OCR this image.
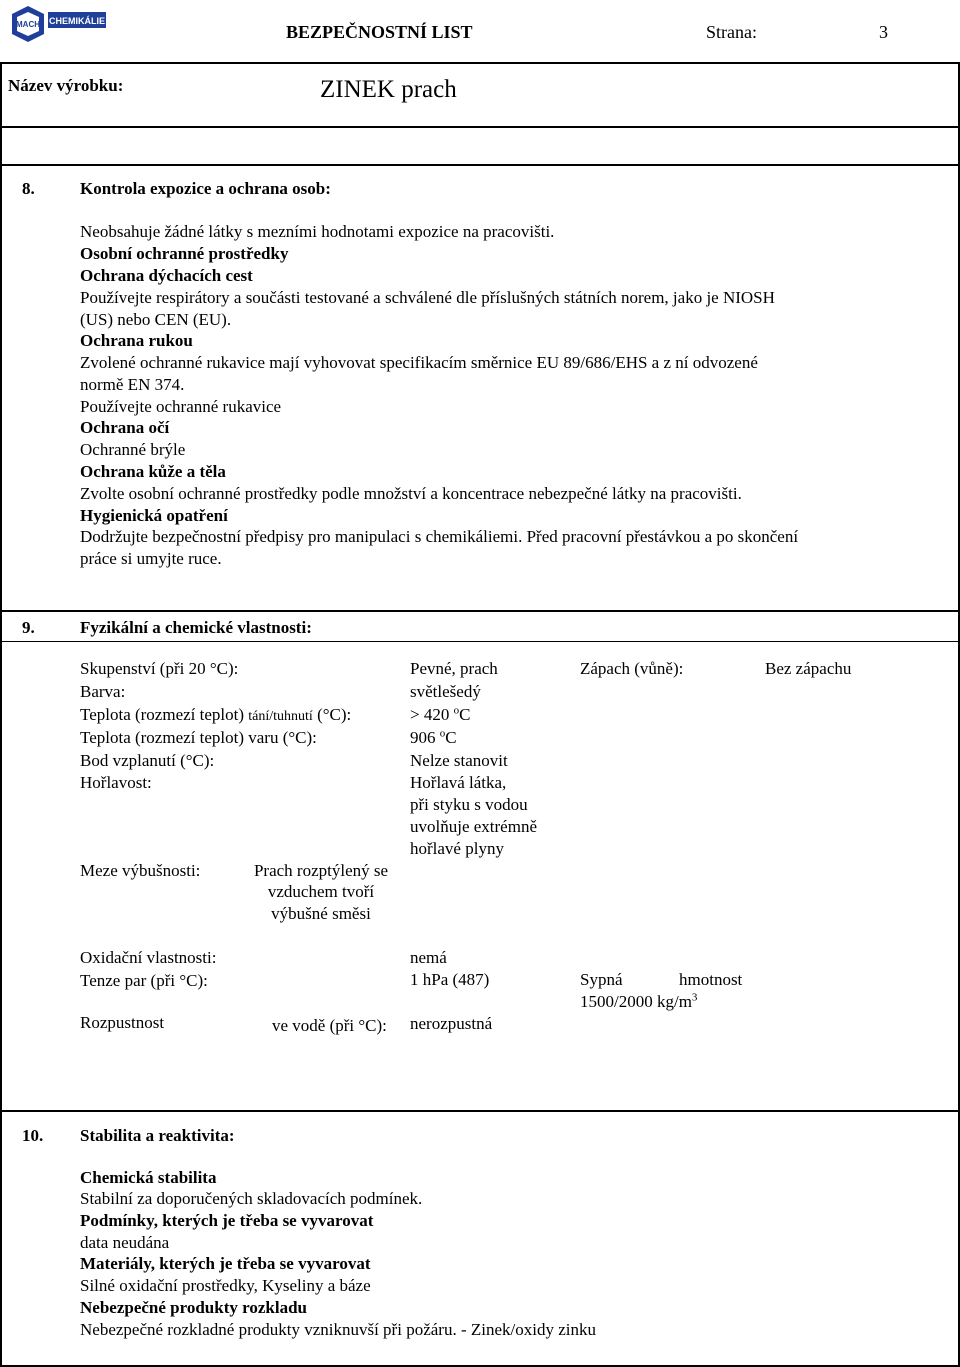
MACH CHEMIKÁLIE
BEZPEČNOSTNÍ LIST	Strana:	3
Název výrobku:	ZINEK prach
8.	Kontrola expozice a ochrana osob:
Neobsahuje žádné látky s mezními hodnotami expozice na pracovišti.
Osobní ochranné prostředky
Ochrana dýchacích cest
Používejte respirátory a součásti testované a schválené dle příslušných státních norem, jako je NIOSH
(US) nebo CEN (EU).
Ochrana rukou
Zvolené ochranné rukavice mají vyhovovat specifikacím směrnice EU 89/686/EHS a z ní odvozené
normě EN 374.
Používejte ochranné rukavice
Ochrana očí
Ochranné brýle
Ochrana kůže a těla
Zvolte osobní ochranné prostředky podle množství a koncentrace nebezpečné látky na pracovišti.
Hygienická opatření
Dodržujte bezpečnostní předpisy pro manipulaci s chemikáliemi. Před pracovní přestávkou a po skončení
práce si umyjte ruce.
9.	Fyzikální a chemické vlastnosti:
Skupenství (při 20 °C):	Pevné, prach	Zápach (vůně):	Bez zápachu
Barva:	světlešedý
Teplota (rozmezí teplot) tání/tuhnutí (°C):	> 420 $^o$C
Teplota (rozmezí teplot) varu (°C):	906 $^o$C
Bod vzplanutí (°C):	Nelze stanovit
Hořlavost:	Hořlavá látka,
při styku s vodou
uvolňuje extrémně
hořlavé plyny
Meze výbušnosti:	Prach rozptýlený se
vzduchem tvoří
výbušné směsi
Oxidační vlastnosti:	nemá
Tenze par (při °C):	1 hPa (487)	Sypná	hmotnost
1500/2000 $kg/m^3$
Rozpustnost	ve vodě (při °C): nerozpustná
10. Stabilita a reaktivita:
Chemická stabilita
Stabilní za doporučených skladovacích podmínek.
Podmínky, kterých je třeba se vyvarovat
data neudána
Materiály, kterých je třeba se vyvarovat
Silné oxidační prostředky, Kyseliny a báze
Nebezpečné produkty rozkladu
Nebezpečné rozkladné produkty vzniknuvší při požáru. - Zinek/oxidy zinku
